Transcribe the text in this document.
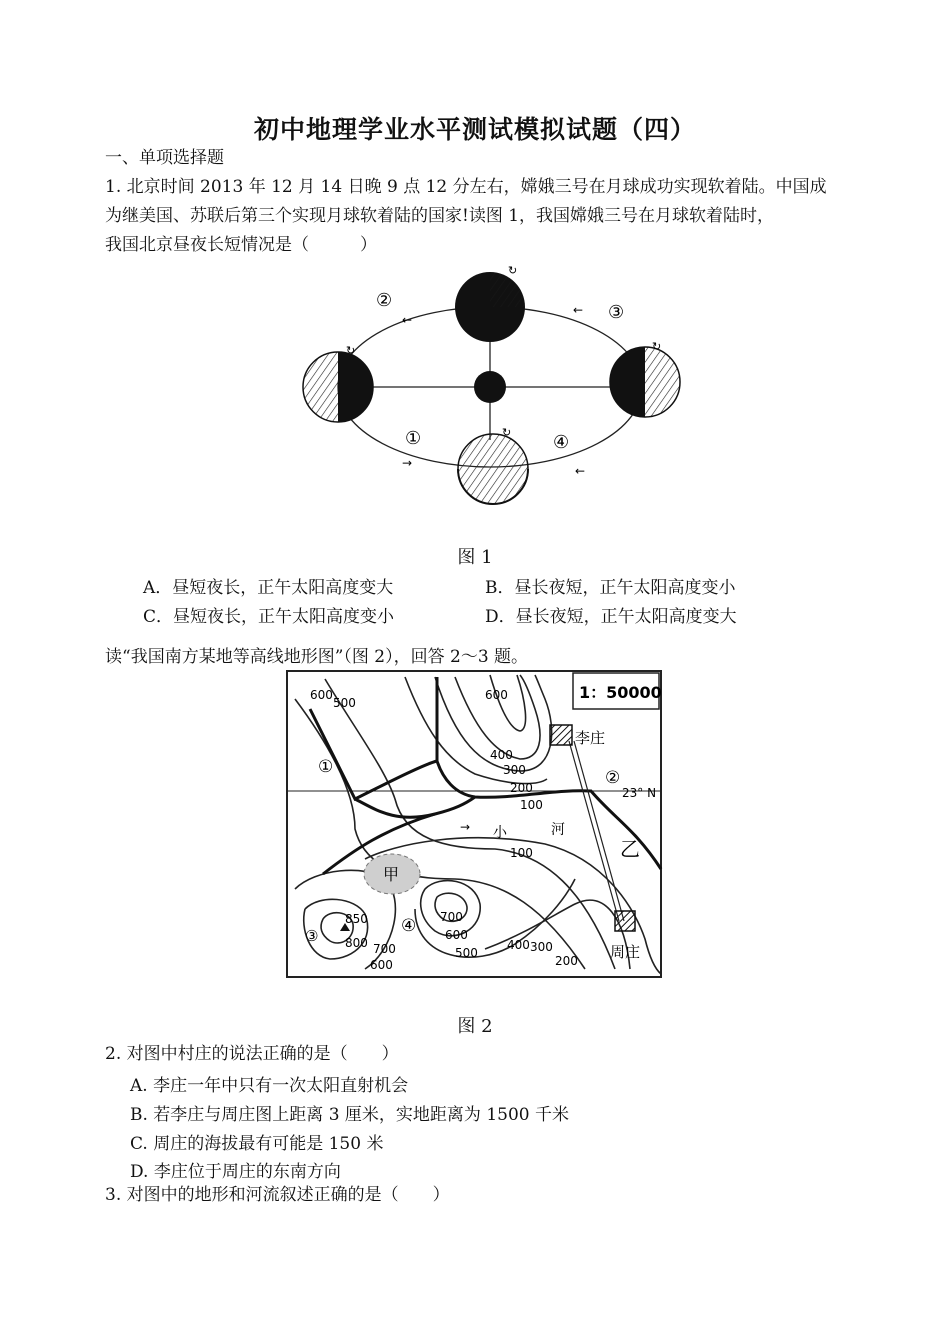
初中地理学业水平测试模拟试题（四）
一、单项选择题
1. 北京时间 2013 年 12 月 14 日晚 9 点 12 分左右，嫦娥三号在月球成功实现软着陆。中国成
为继美国、苏联后第三个实现月球软着陆的国家!读图 1，我国嫦娥三号在月球软着陆时，
我国北京昼夜长短情况是（　　　）
↻
↻	↻
↻
←
←
→
←
②
③
①	④
图 1
A．昼短夜长，正午太阳高度变大	B．昼长夜短，正午太阳高度变小
C．昼短夜长，正午太阳高度变小	D．昼长夜短，正午太阳高度变大
读“我国南方某地等高线地形图”（图 2），回答 2～3 题。
1：50000
李庄
周庄
甲
乙
小	河
→
①
②
③	④
23° N
600
500
600
400
300
200
100
100
850
800 700
600
700
600
500
400 300
200
图 2
2. 对图中村庄的说法正确的是（　　）
A. 李庄一年中只有一次太阳直射机会
B. 若李庄与周庄图上距离 3 厘米，实地距离为 1500 千米
C. 周庄的海拔最有可能是 150 米
D. 李庄位于周庄的东南方向
3. 对图中的地形和河流叙述正确的是（　　）
